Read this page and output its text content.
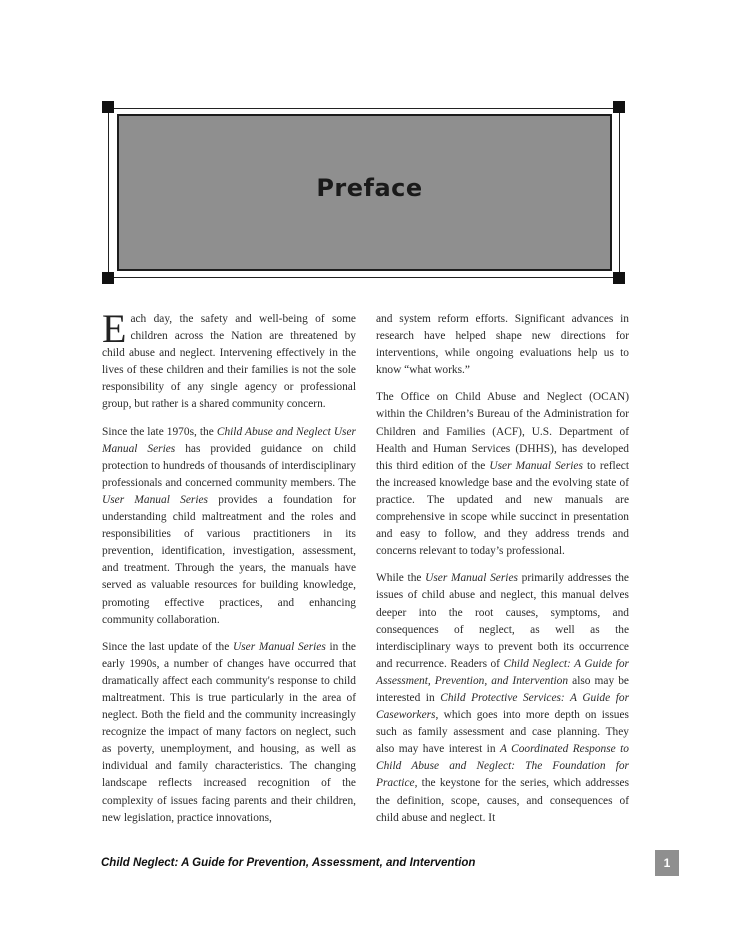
Preface

Each day, the safety and well-being of some children across the Nation are threatened by child abuse and neglect. Intervening effectively in the lives of these children and their families is not the sole responsibility of any single agency or professional group, but rather is a shared community concern.

Since the late 1970s, the Child Abuse and Neglect User Manual Series has provided guidance on child protection to hundreds of thousands of interdisciplinary professionals and concerned community members. The User Manual Series provides a foundation for understanding child maltreatment and the roles and responsibilities of various practitioners in its prevention, identification, investigation, assessment, and treatment. Through the years, the manuals have served as valuable resources for building knowledge, promoting effective practices, and enhancing community collaboration.

Since the last update of the User Manual Series in the early 1990s, a number of changes have occurred that dramatically affect each community's response to child maltreatment. This is true particularly in the area of neglect. Both the field and the community increasingly recognize the impact of many factors on neglect, such as poverty, unemployment, and housing, as well as individual and family characteristics. The changing landscape reflects increased recognition of the complexity of issues facing parents and their children, new legislation, practice innovations,

and system reform efforts. Significant advances in research have helped shape new directions for interventions, while ongoing evaluations help us to know “what works.”

The Office on Child Abuse and Neglect (OCAN) within the Children’s Bureau of the Administration for Children and Families (ACF), U.S. Department of Health and Human Services (DHHS), has developed this third edition of the User Manual Series to reflect the increased knowledge base and the evolving state of practice. The updated and new manuals are comprehensive in scope while succinct in presentation and easy to follow, and they address trends and concerns relevant to today’s professional.

While the User Manual Series primarily addresses the issues of child abuse and neglect, this manual delves deeper into the root causes, symptoms, and consequences of neglect, as well as the interdisciplinary ways to prevent both its occurrence and recurrence. Readers of Child Neglect: A Guide for Assessment, Prevention, and Intervention also may be interested in Child Protective Services: A Guide for Caseworkers, which goes into more depth on issues such as family assessment and case planning. They also may have interest in A Coordinated Response to Child Abuse and Neglect: The Foundation for Practice, the keystone for the series, which addresses the definition, scope, causes, and consequences of child abuse and neglect. It

Child Neglect: A Guide for Prevention, Assessment, and Intervention	1
